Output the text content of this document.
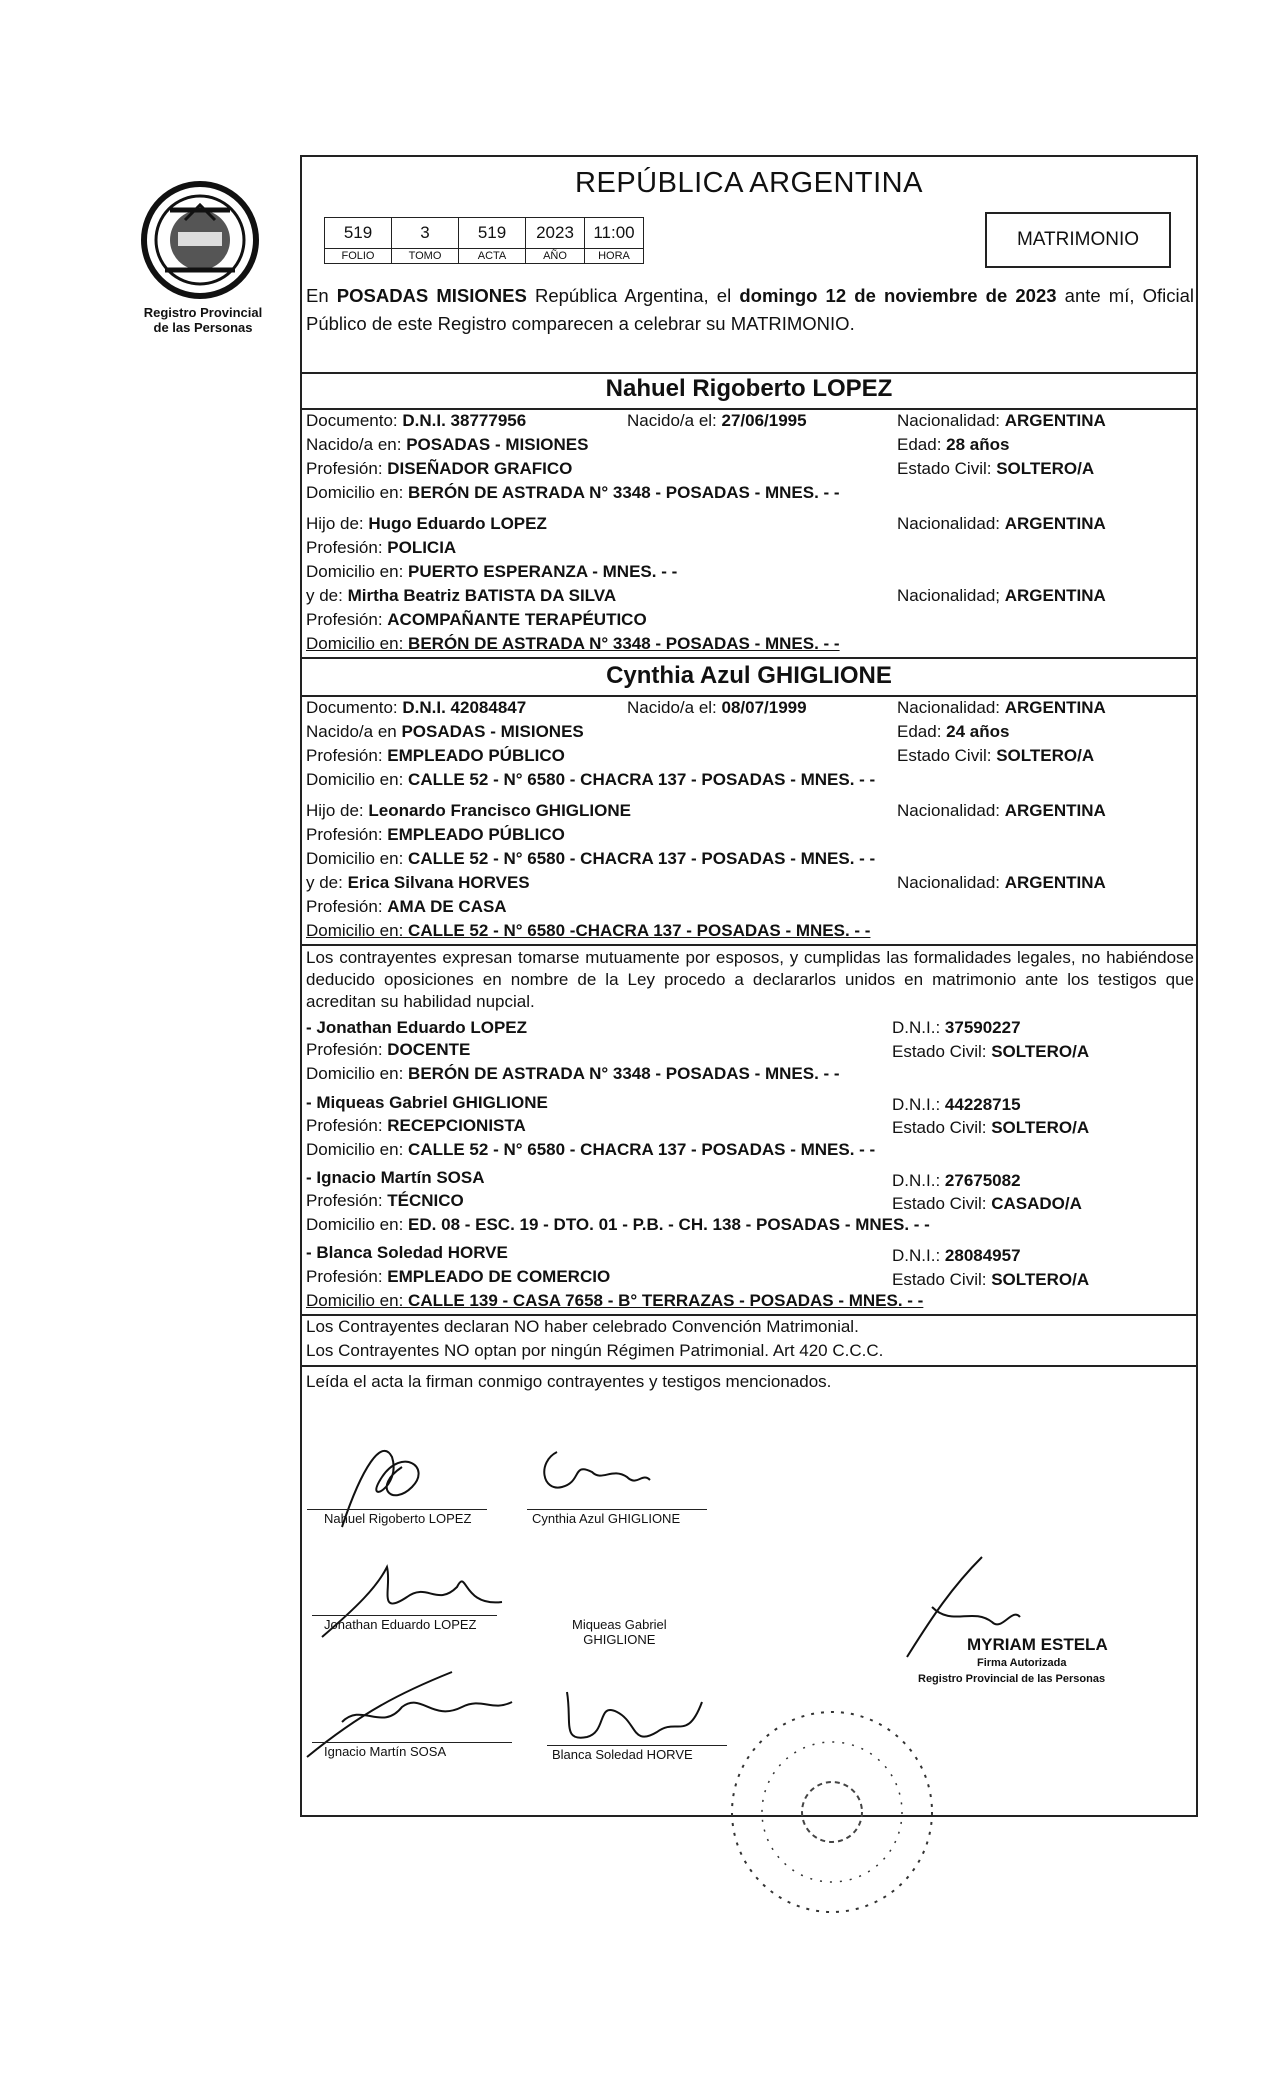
Registro Provincial
de las Personas
REPÚBLICA ARGENTINA
519	3	519	2023	11:00
FOLIO	TOMO	ACTA	AÑO	HORA
MATRIMONIO
En POSADAS MISIONES República Argentina, el domingo 12 de noviembre de 2023 ante mí, Oficial Público de este Registro comparecen a celebrar su MATRIMONIO.
Nahuel Rigoberto LOPEZ
Documento: D.N.I. 38777956	Nacido/a el: 27/06/1995	Nacionalidad: ARGENTINA
Nacido/a en: POSADAS - MISIONES	Edad: 28 años
Profesión: DISEÑADOR GRAFICO	Estado Civil: SOLTERO/A
Domicilio en: BERÓN DE ASTRADA N° 3348 - POSADAS - MNES. - -
Hijo de: Hugo Eduardo LOPEZ	Nacionalidad: ARGENTINA
Profesión: POLICIA
Domicilio en: PUERTO ESPERANZA - MNES. - -
y de: Mirtha Beatriz BATISTA DA SILVA	Nacionalidad; ARGENTINA
Profesión: ACOMPAÑANTE TERAPÉUTICO
Domicilio en: BERÓN DE ASTRADA N° 3348 - POSADAS - MNES. - -
Cynthia Azul GHIGLIONE
Documento: D.N.I. 42084847	Nacido/a el: 08/07/1999	Nacionalidad: ARGENTINA
Nacido/a en POSADAS - MISIONES	Edad: 24 años
Profesión: EMPLEADO PÚBLICO	Estado Civil: SOLTERO/A
Domicilio en: CALLE 52 - N° 6580 - CHACRA 137 - POSADAS - MNES. - -
Hijo de: Leonardo Francisco GHIGLIONE	Nacionalidad: ARGENTINA
Profesión: EMPLEADO PÚBLICO
Domicilio en: CALLE 52 - N° 6580 - CHACRA 137 - POSADAS - MNES. - -
y de: Erica Silvana HORVES	Nacionalidad: ARGENTINA
Profesión: AMA DE CASA
Domicilio en: CALLE 52 - N° 6580 -CHACRA 137 - POSADAS - MNES. - -
Los contrayentes expresan tomarse mutuamente por esposos, y cumplidas las formalidades legales, no habiéndose deducido oposiciones en nombre de la Ley procedo a declararlos unidos en matrimonio ante los testigos que acreditan su habilidad nupcial.
- Jonathan Eduardo LOPEZ	D.N.I.: 37590227
Profesión: DOCENTE	Estado Civil: SOLTERO/A
Domicilio en: BERÓN DE ASTRADA N° 3348 - POSADAS - MNES. - -
- Miqueas Gabriel GHIGLIONE	D.N.I.: 44228715
Profesión: RECEPCIONISTA	Estado Civil: SOLTERO/A
Domicilio en: CALLE 52 - N° 6580 - CHACRA 137 - POSADAS - MNES. - -
- Ignacio Martín SOSA	D.N.I.: 27675082
Profesión: TÉCNICO	Estado Civil: CASADO/A
Domicilio en: ED. 08 - ESC. 19 - DTO. 01 - P.B. - CH. 138 - POSADAS - MNES. - -
- Blanca Soledad HORVE	D.N.I.: 28084957
Profesión: EMPLEADO DE COMERCIO	Estado Civil: SOLTERO/A
Domicilio en: CALLE 139 - CASA 7658 - B° TERRAZAS - POSADAS - MNES. - -
Los Contrayentes declaran NO haber celebrado Convención Matrimonial.
Los Contrayentes NO optan por ningún Régimen Patrimonial. Art 420 C.C.C.
Leída el acta la firman conmigo contrayentes y testigos mencionados.
Nahuel Rigoberto LOPEZ	Cynthia Azul GHIGLIONE
Jonathan Eduardo LOPEZ	Miqueas Gabriel
GHIGLIONE
Ignacio Martín SOSA	Blanca Soledad HORVE
MYRIAM ESTELA
Firma Autorizada
Registro Provincial de las Personas
